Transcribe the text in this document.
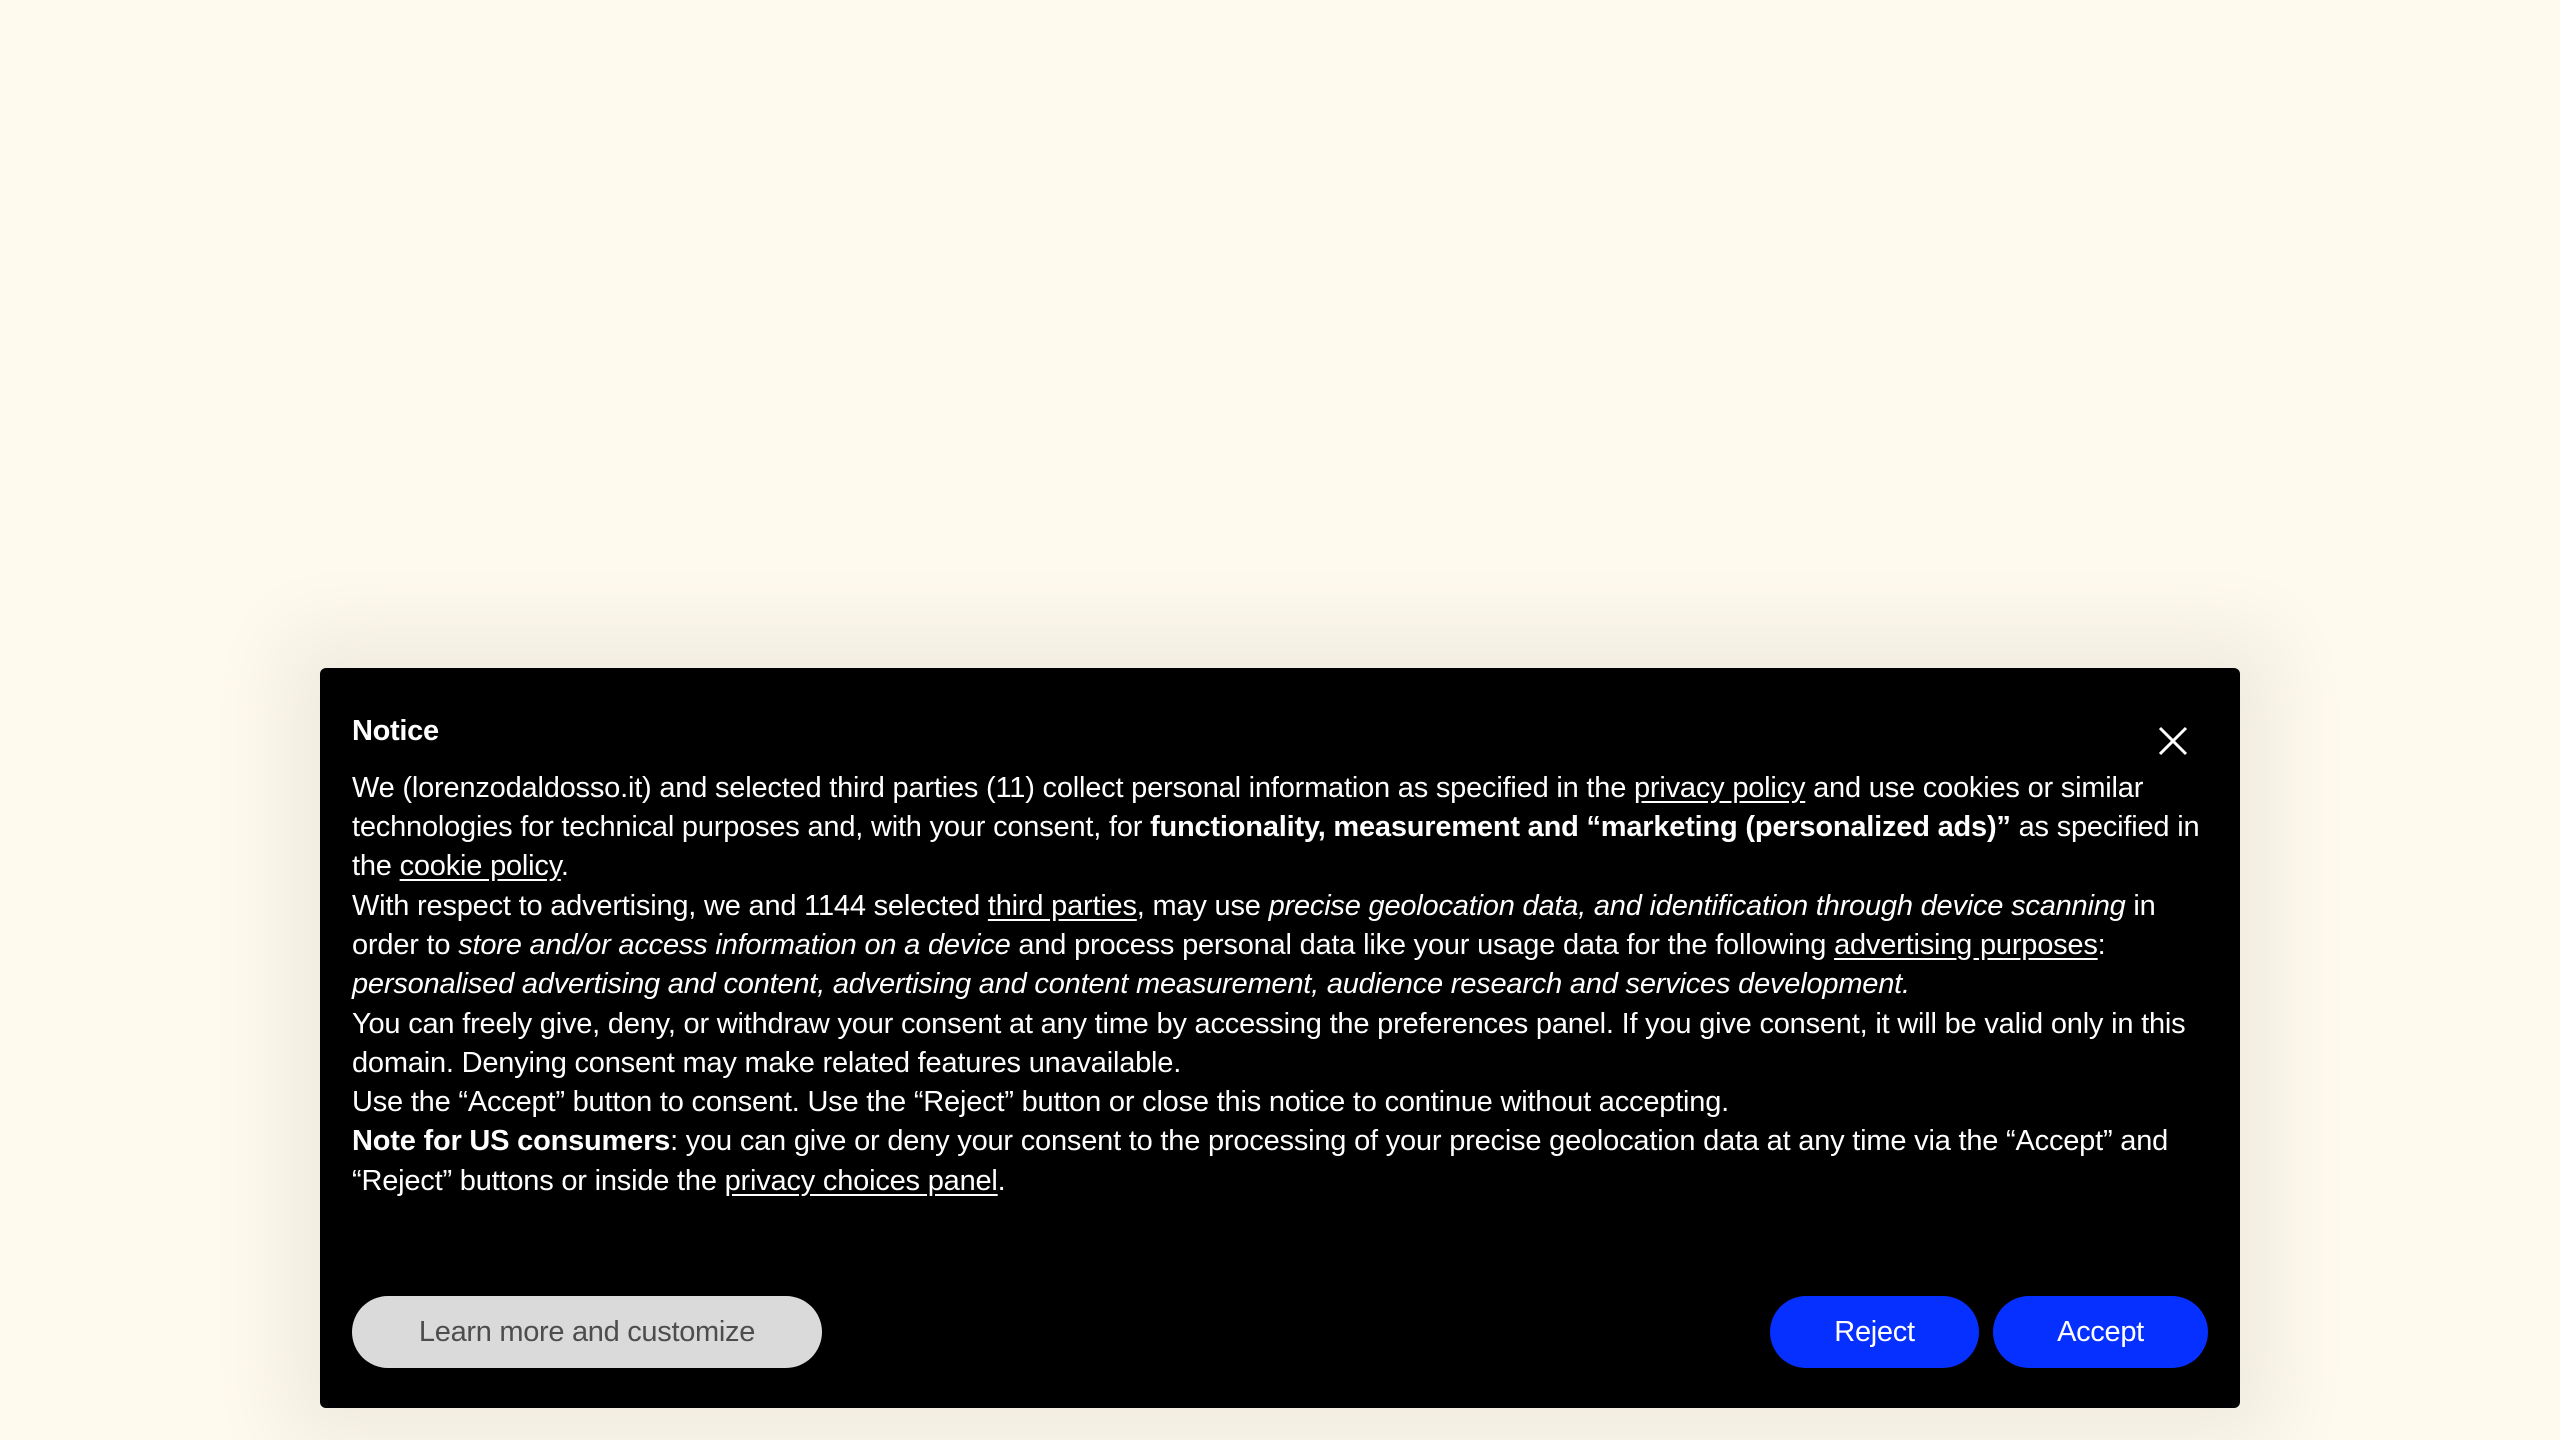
Notice

We (lorenzodaldosso.it) and selected third parties (11) collect personal information as specified in the privacy policy and use cookies or similar technologies for technical purposes and, with your consent, for functionality, measurement and “marketing (personalized ads)” as specified in the cookie policy.

With respect to advertising, we and 1144 selected third parties, may use precise geolocation data, and identification through device scanning in order to store and/or access information on a device and process personal data like your usage data for the following advertising purposes: personalised advertising and content, advertising and content measurement, audience research and services development.

You can freely give, deny, or withdraw your consent at any time by accessing the preferences panel. If you give consent, it will be valid only in this domain. Denying consent may make related features unavailable.

Use the “Accept” button to consent. Use the “Reject” button or close this notice to continue without accepting.

Note for US consumers: you can give or deny your consent to the processing of your precise geolocation data at any time via the “Accept” and “Reject” buttons or inside the privacy choices panel.

Learn more and customize	Reject	Accept
